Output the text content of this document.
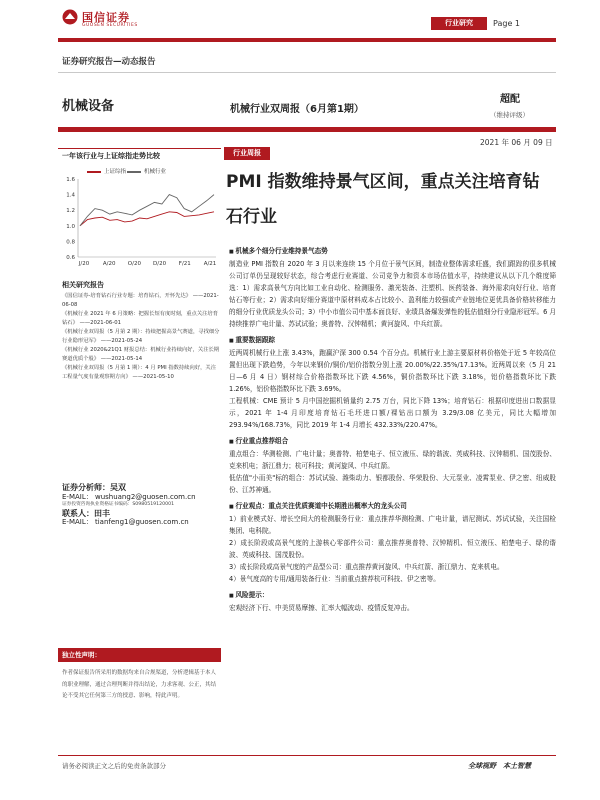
国信证券
GUOSEN SECURITIES	行业研究	Page 1
证券研究报告—动态报告
机械设备	机械行业双周报（6月第1期）
超配
（维持评级）
2021 年 06 月 09 日
一年该行业与上证综指走势比较
上证综指	机械行业
1.6
1.4
1.2
1.0
0.8
0.6
J/20 A/20 O/20 D/20 F/21 A/21
相关研究报告
《国信证券-培育钻石行业专题：培育钻石，开怀先达》 ——2021-06-08
《机械行业 2021 年 6 月策略：把握长短有度时刻，重点关注培育钻石》 ——2021-06-01
《机械行业双周报（5 月第 2 期）：持续把握高景气赛道，寻找细分行业隐形冠军》 ——2021-05-24
《机械行业 2020&21Q1 财报总结：机械行业持续向好，关注长期赛道优质个股》 ——2021-05-14
《机械行业双周报（5 月第 1 期）：4 月 PMI 指数持续向好，关注工程量气度有量观察期方向》 ——2021-05-10
证券分析师：吴双
E-MAIL： wushuang2@guosen.com.cn
证券投资咨询执业资格证书编码：S0980519120001
联系人：田丰
E-MAIL： tianfeng1@guosen.com.cn
独立性声明：
作者保证报告所采用的数据均来自合规渠道，分析逻辑基于本人的职业理解，通过合理判断并得出结论，力求客观、公正，其结论不受其它任何第三方的授意、影响，特此声明。
行业周报
PMI 指数维持景气区间，重点关注培育钻石行业

■ 机械多个细分行业维持景气态势

制造业 PMI 指数自 2020 年 3 月以来连续 15 个月位于景气区间，制造业整体需求旺盛，我们跟踪的很多机械公司订单仍呈现较好状态，综合考虑行业赛道、公司竞争力和资本市场估值水平，持续建议从以下几个维度筛选：1）需求高景气方向比如工业自动化、检测服务、激光装备、注塑机、医药装备、海外需求向好行业、培育钻石等行业；2）需求向好细分赛道中原材料成本占比较小、盈利能力较强或产业链地位更优具备价格转移能力的细分行业优质龙头公司；3）中小市值公司中基本面良好、业绩具备爆发弹性的低估值细分行业隐形冠军。6 月持续推荐广电计量、苏试试验；奥普特、汉钟精机；黄河旋风、中兵红箭。

■ 重要数据跟踪

近两周机械行业上涨 3.43%，跑赢沪深 300 0.54 个百分点。机械行业上游主要原材料价格处于近 5 年较高位置但出现下跌趋势，今年以来钢价/铜价/铝价指数分别上涨 20.00%/22.35%/17.13%。近两周以来（5 月 21 日—6 月 4 日）钢材综合价格指数环比下跌 4.56%，铜价指数环比下跌 3.18%，铝价格指数环比下跌 1.26%，铝价格指数环比下跌 3.69%。

工程机械：CME 预计 5 月中国挖掘机销量约 2.75 万台，同比下降 13%；培育钻石：根据印度进出口数据显示，2021 年 1-4 月印度培育钻石毛坯进口额/裸钻出口额为 3.29/3.08 亿美元，同比大幅增加 293.94%/168.73%，同比 2019 年 1-4 月增长 432.33%/220.47%。

■ 行业重点推荐组合

重点组合：华测检测、广电计量；奥普特、柏楚电子、恒立液压、绿的谐波、英威科技、汉钟精机、国茂股份、克来机电；浙江鼎力；杭可科技；黄河旋风、中兵红箭。

低估值"小而美"标的组合：苏试试验、潍柴动力、银都股份、华荣股份、大元泵业、凌霄泵业、伊之密、纽威股份、江苏神通。

■ 行业观点：重点关注优质赛道中长期胜出概率大的龙头公司

1）前业模式好、增长空间大的检测服务行业：重点推荐华测检测、广电计量，谱尼测试、苏试试验，关注国检集团、电科院。

2）成长阶段或高景气度的上游核心零部件公司：重点推荐奥普特、汉钟精机、恒立液压、柏楚电子、绿的谐波、英威科技、国茂股份。

3）成长阶段或高景气度的产品型公司：重点推荐黄河旋风、中兵红箭、浙江鼎力、克来机电。

4）景气度高的专用/通用装备行业：当前重点推荐杭可科技、伊之密等。

■ 风险提示：

宏观经济下行、中美贸易摩擦、汇率大幅波动、疫情反复冲击。

请务必阅读正文之后的免责条款部分	全球视野　本土智慧
